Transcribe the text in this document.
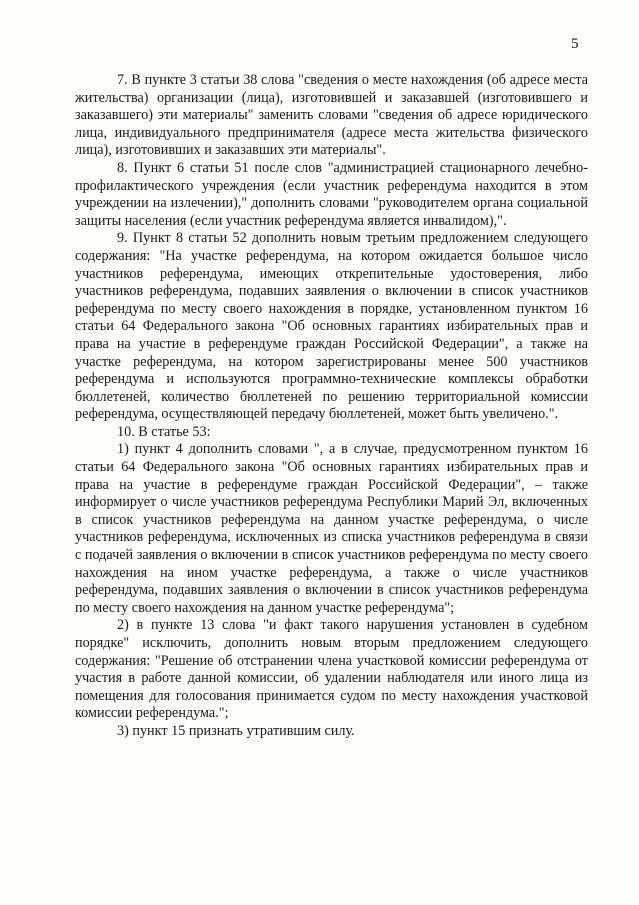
5

7. В пункте 3 статьи 38 слова "сведения о месте нахождения (об адресе места жительства) организации (лица), изготовившей и заказавшей (изготовившего и заказавшего) эти материалы" заменить словами "сведения об адресе юридического лица, индивидуального предпринимателя (адресе места жительства физического лица), изготовивших и заказавших эти материалы".

8. Пункт 6 статьи 51 после слов "администрацией стационарного лечебно-профилактического учреждения (если участник референдума находится в этом учреждении на излечении)," дополнить словами "руководителем органа социальной защиты населения (если участник референдума является инвалидом),".

9. Пункт 8 статьи 52 дополнить новым третьим предложением следующего содержания: "На участке референдума, на котором ожидается большое число участников референдума, имеющих открепительные удостоверения, либо участников референдума, подавших заявления о включении в список участников референдума по месту своего нахождения в порядке, установленном пунктом 16 статьи 64 Федерального закона "Об основных гарантиях избирательных прав и права на участие в референдуме граждан Российской Федерации", а также на участке референдума, на котором зарегистрированы менее 500 участников референдума и используются программно-технические комплексы обработки бюллетеней, количество бюллетеней по решению территориальной комиссии референдума, осуществляющей передачу бюллетеней, может быть увеличено.".

10. В статье 53:

1) пункт 4 дополнить словами ", а в случае, предусмотренном пунктом 16 статьи 64 Федерального закона "Об основных гарантиях избирательных прав и права на участие в референдуме граждан Российской Федерации", – также информирует о числе участников референдума Республики Марий Эл, включенных в список участников референдума на данном участке референдума, о числе участников референдума, исключенных из списка участников референдума в связи с подачей заявления о включении в список участников референдума по месту своего нахождения на ином участке референдума, а также о числе участников референдума, подавших заявления о включении в список участников референдума по месту своего нахождения на данном участке референдума";

2) в пункте 13 слова "и факт такого нарушения установлен в судебном порядке" исключить, дополнить новым вторым предложением следующего содержания: "Решение об отстранении члена участковой комиссии референдума от участия в работе данной комиссии, об удалении наблюдателя или иного лица из помещения для голосования принимается судом по месту нахождения участковой комиссии референдума.";

3) пункт 15 признать утратившим силу.
